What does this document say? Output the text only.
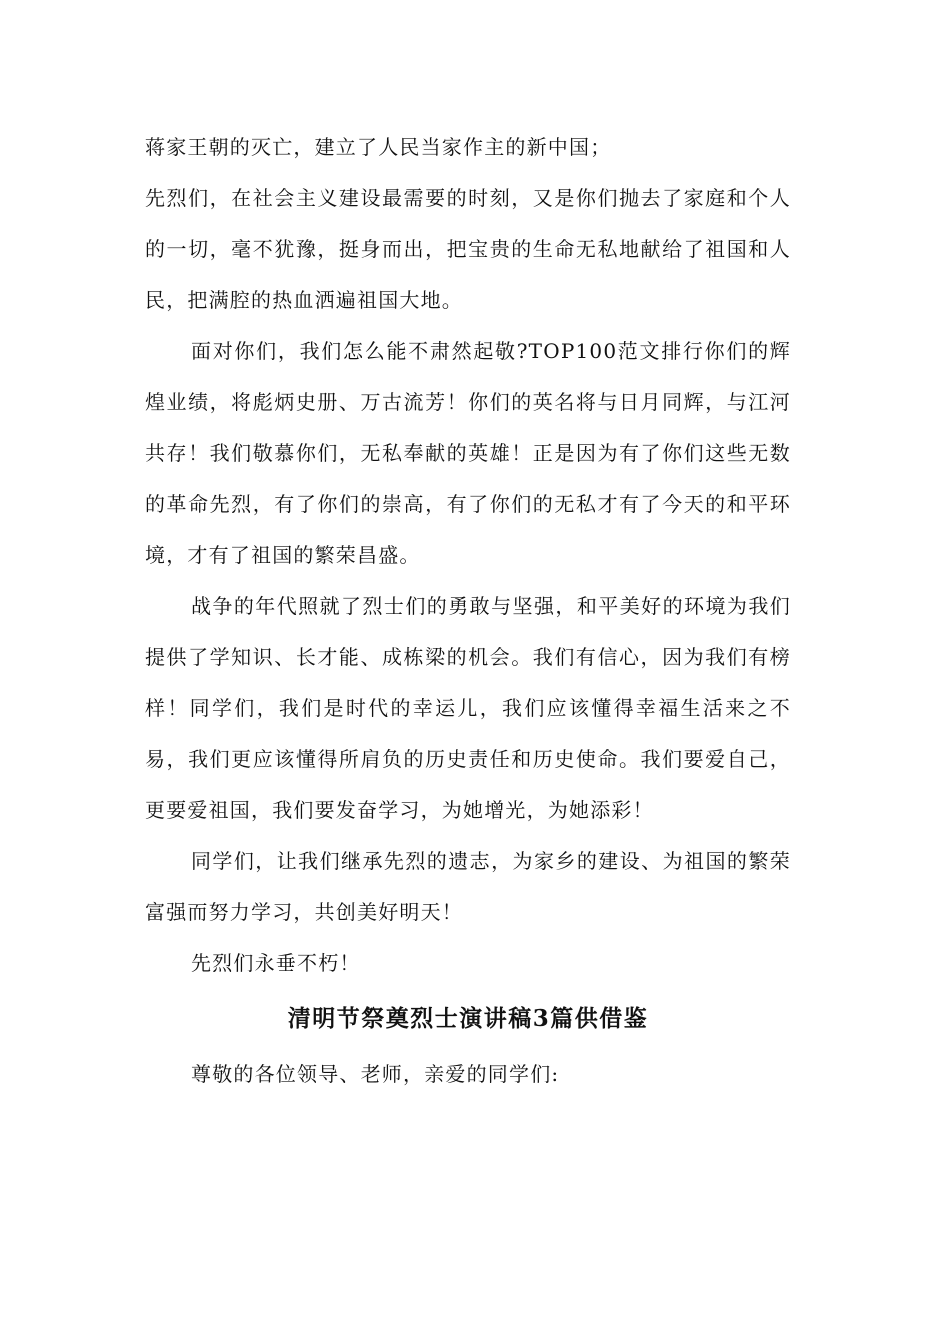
蒋家王朝的灭亡，建立了人民当家作主的新中国；

先烈们，在社会主义建设最需要的时刻，又是你们抛去了家庭和个人的一切，毫不犹豫，挺身而出，把宝贵的生命无私地献给了祖国和人民，把满腔的热血洒遍祖国大地。

面对你们，我们怎么能不肃然起敬?TOP100范文排行你们的辉煌业绩，将彪炳史册、万古流芳！你们的英名将与日月同辉，与江河共存！我们敬慕你们，无私奉献的英雄！正是因为有了你们这些无数的革命先烈，有了你们的崇高，有了你们的无私才有了今天的和平环境，才有了祖国的繁荣昌盛。

战争的年代照就了烈士们的勇敢与坚强，和平美好的环境为我们提供了学知识、长才能、成栋梁的机会。我们有信心，因为我们有榜样！同学们，我们是时代的幸运儿，我们应该懂得幸福生活来之不易，我们更应该懂得所肩负的历史责任和历史使命。我们要爱自己，更要爱祖国，我们要发奋学习，为她增光，为她添彩！

同学们，让我们继承先烈的遗志，为家乡的建设、为祖国的繁荣富强而努力学习，共创美好明天！

先烈们永垂不朽！

清明节祭奠烈士演讲稿3篇供借鉴

尊敬的各位领导、老师，亲爱的同学们:
